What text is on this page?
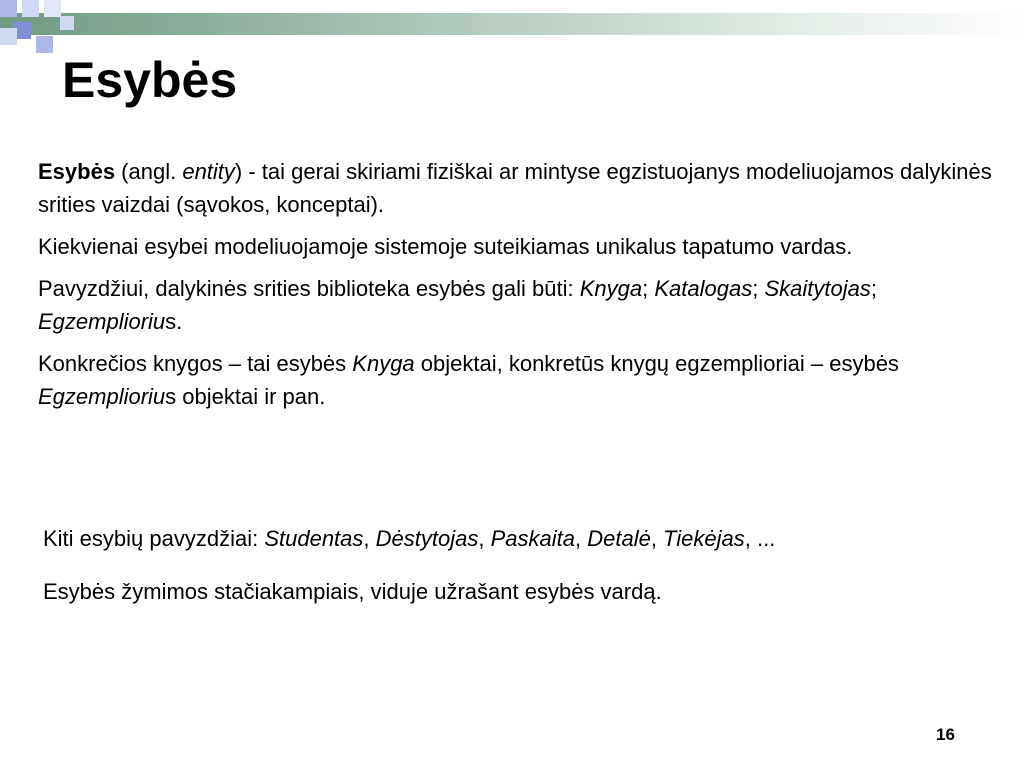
Esybės

Esybės (angl. entity) - tai gerai skiriami fiziškai ar mintyse egzistuojanys modeliuojamos dalykinės srities vaizdai (sąvokos, konceptai).

Kiekvienai esybei modeliuojamoje sistemoje suteikiamas unikalus tapatumo vardas.

Pavyzdžiui, dalykinės srities biblioteka esybės gali būti: Knyga; Katalogas; Skaitytojas; Egzempliorius.

Konkrečios knygos – tai esybės Knyga objektai, konkretūs knygų egzemplioriai – esybės Egzempliorius objektai ir pan.

Kiti esybių pavyzdžiai: Studentas, Dėstytojas, Paskaita, Detalė, Tiekėjas, ...

Esybės žymimos stačiakampiais, viduje užrašant esybės vardą.

16
